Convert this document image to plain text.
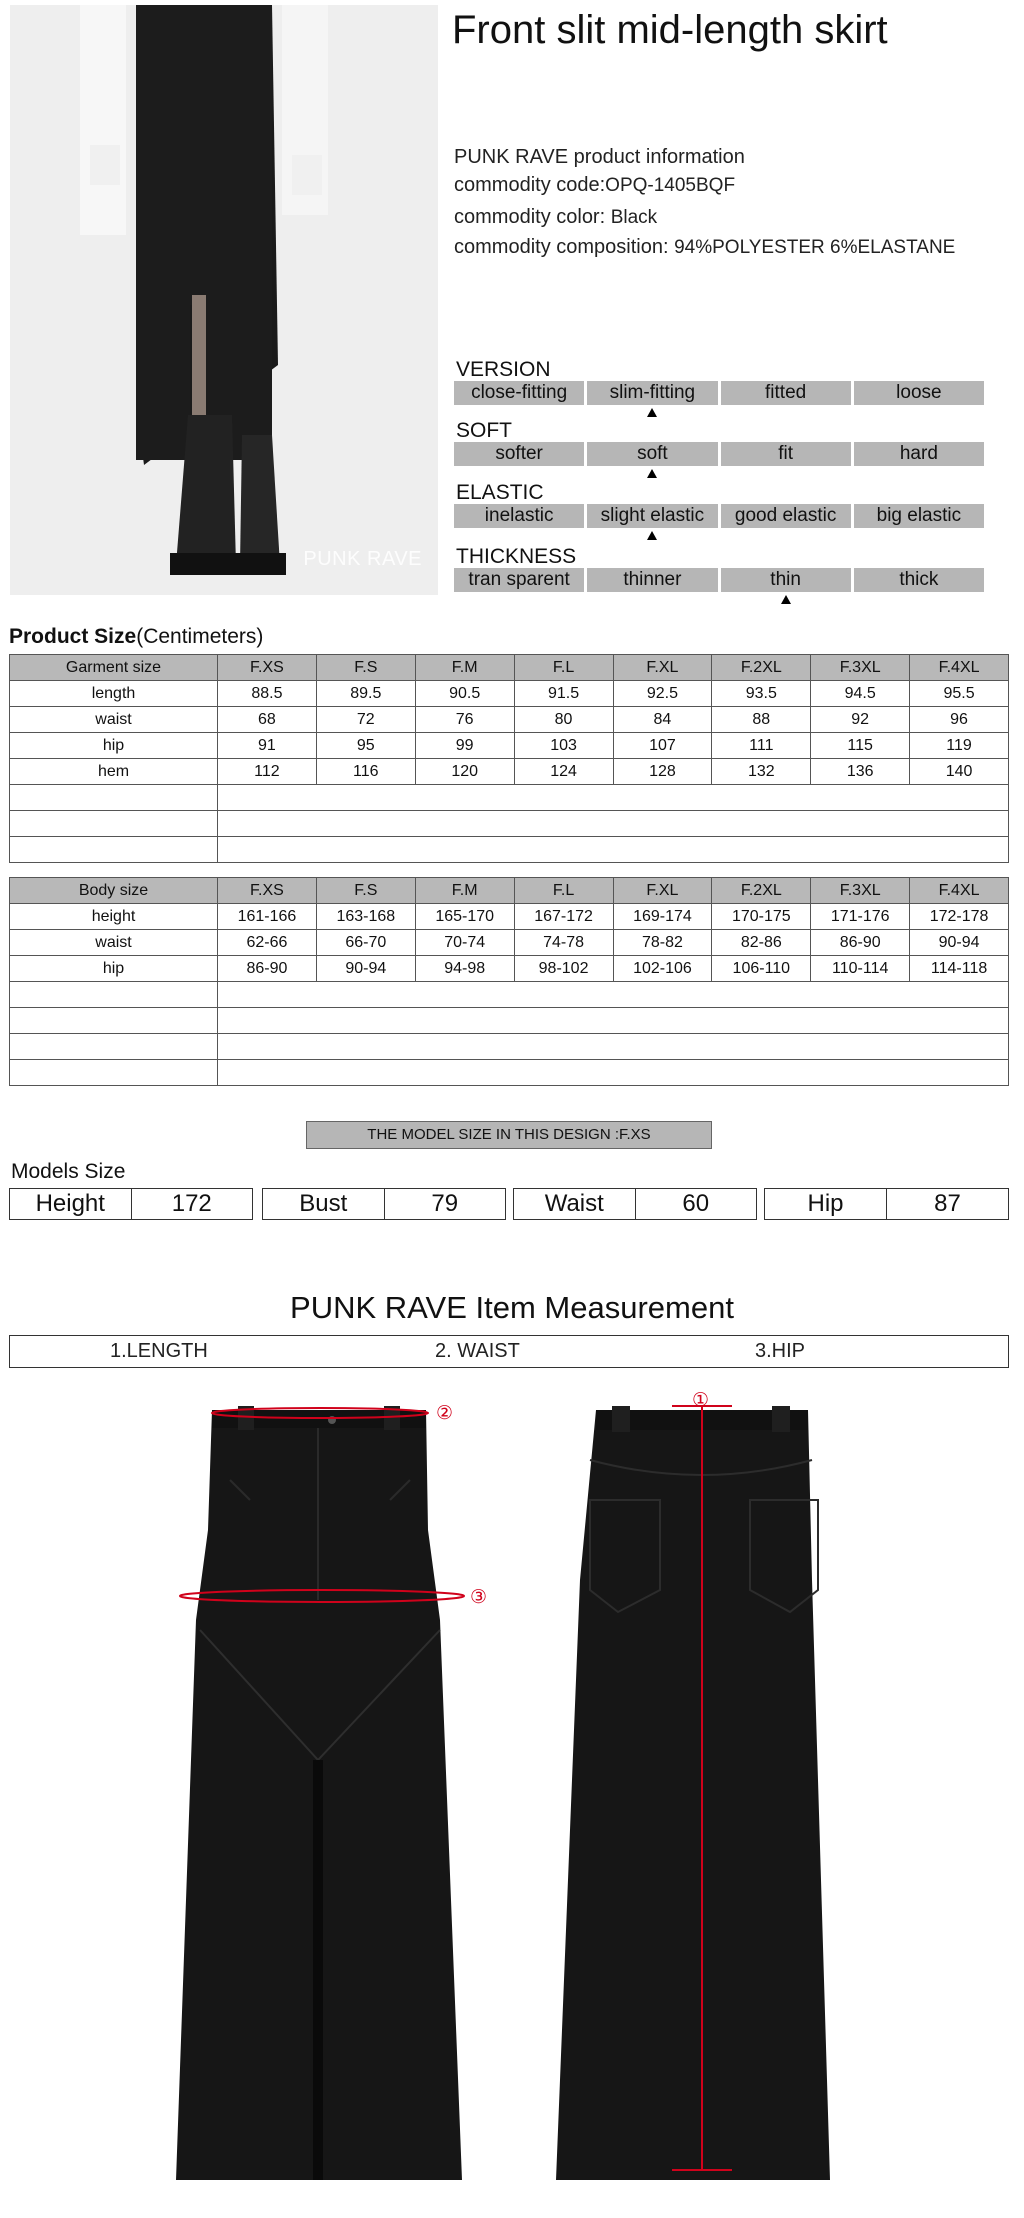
PUNK RAVE
Front slit mid-length skirt
PUNK RAVE product information
commodity code:OPQ-1405BQF
commodity color: Black
commodity composition: 94%POLYESTER 6%ELASTANE
VERSION
close-fitting	slim-fitting	fitted	loose
SOFT
softer	soft	fit	hard
ELASTIC
inelastic	slight elastic	good elastic	big elastic
THICKNESS
tran sparent	thinner	thin	thick
Product Size(Centimeters)
Garment size	F.XS	F.S	F.M	F.L	F.XL	F.2XL	F.3XL	F.4XL
length	88.5	89.5	90.5	91.5	92.5	93.5	94.5	95.5
waist	68	72	76	80	84	88	92	96
hip	91	95	99	103	107	111	115	119
hem	112	116	120	124	128	132	136	140

Body size	F.XS	F.S	F.M	F.L	F.XL	F.2XL	F.3XL	F.4XL
height	161-166	163-168	165-170	167-172	169-174	170-175	171-176	172-178
waist	62-66	66-70	70-74	74-78	78-82	82-86	86-90	90-94
hip	86-90	90-94	94-98	98-102	102-106	106-110	110-114	114-118

THE MODEL SIZE IN THIS DESIGN :F.XS
Models Size
Height	172	Bust	79	Waist	60	Hip	87
PUNK RAVE Item Measurement
1.LENGTH	2. WAIST	3.HIP
①
②
③
